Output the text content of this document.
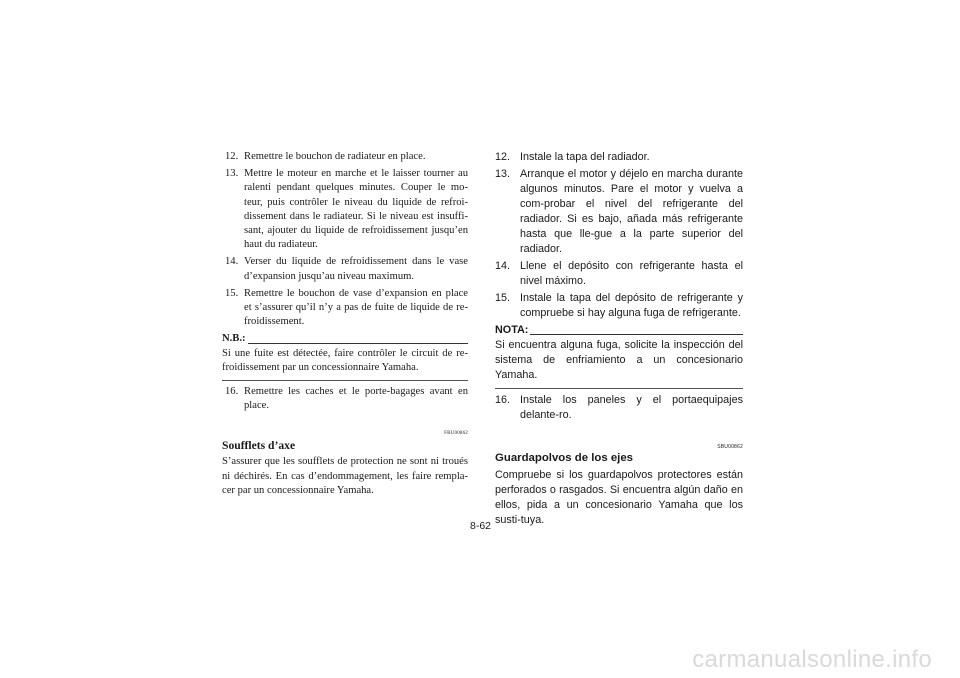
12. Remettre le bouchon de radiateur en place.
13. Mettre le moteur en marche et le laisser tourner au ralenti pendant quelques minutes. Couper le mo-teur, puis contrôler le niveau du liquide de refroi-dissement dans le radiateur. Si le niveau est insuffi-sant, ajouter du liquide de refroidissement jusqu’en haut du radiateur.
14. Verser du liquide de refroidissement dans le vase d’expansion jusqu’au niveau maximum.
15. Remettre le bouchon de vase d’expansion en place et s’assurer qu’il n’y a pas de fuite de liquide de re-froidissement.
N.B.:
Si une fuite est détectée, faire contrôler le circuit de re-froidissement par un concessionnaire Yamaha.
16. Remettre les caches et le porte-bagages avant en place.
FBU00862
Soufflets d’axe
S’assurer que les soufflets de protection ne sont ni troués ni déchirés. En cas d’endommagement, les faire rempla-cer par un concessionnaire Yamaha.
12. Instale la tapa del radiador.
13. Arranque el motor y déjelo en marcha durante algunos minutos. Pare el motor y vuelva a com-probar el nivel del refrigerante del radiador. Si es bajo, añada más refrigerante hasta que lle-gue a la parte superior del radiador.
14. Llene el depósito con refrigerante hasta el nivel máximo.
15. Instale la tapa del depósito de refrigerante y compruebe si hay alguna fuga de refrigerante.
NOTA:
Si encuentra alguna fuga, solicite la inspección del sistema de enfriamiento a un concesionario Yamaha.
16. Instale los paneles y el portaequipajes delante-ro.
SBU00862
Guardapolvos de los ejes
Compruebe si los guardapolvos protectores están perforados o rasgados. Si encuentra algún daño en ellos, pida a un concesionario Yamaha que los susti-tuya.
8-62
carmanualsonline.info
